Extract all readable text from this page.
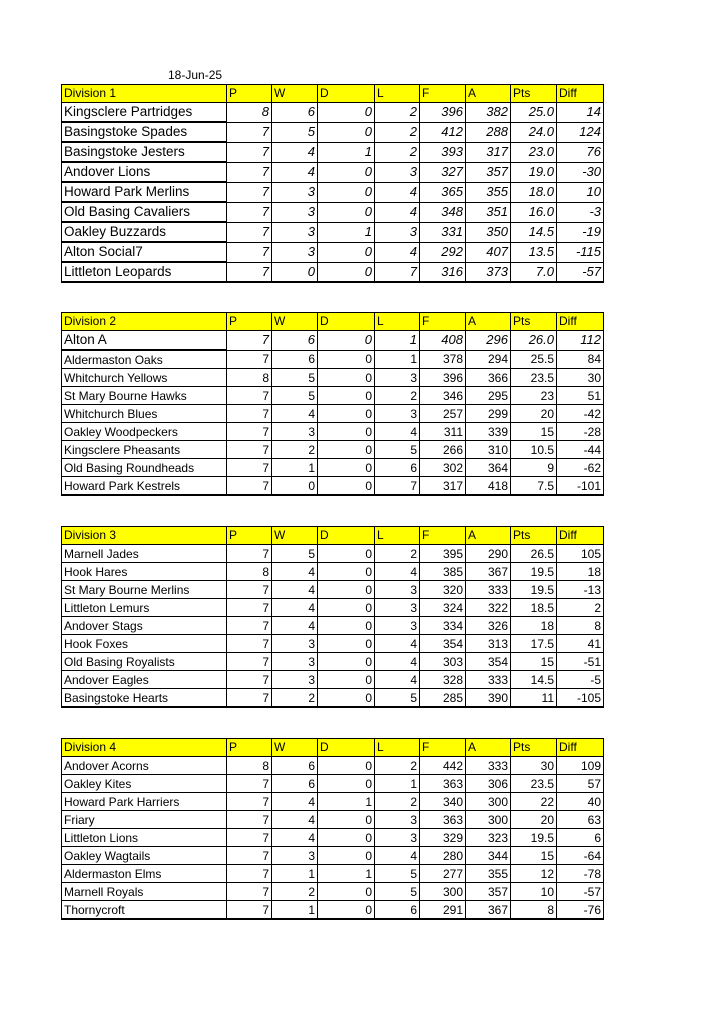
18-Jun-25
Division 1	P	W	D	L	F	A	Pts	Diff
Kingsclere Partridges	8	6	0	2	396	382	25.0	14
Basingstoke Spades	7	5	0	2	412	288	24.0	124
Basingstoke Jesters	7	4	1	2	393	317	23.0	76
Andover Lions	7	4	0	3	327	357	19.0	-30
Howard Park Merlins	7	3	0	4	365	355	18.0	10
Old Basing Cavaliers	7	3	0	4	348	351	16.0	-3
Oakley Buzzards	7	3	1	3	331	350	14.5	-19
Alton Social7	7	3	0	4	292	407	13.5	-115
Littleton Leopards	7	0	0	7	316	373	7.0	-57
Division 2	P	W	D	L	F	A	Pts	Diff
Alton A	7	6	0	1	408	296	26.0	112
Aldermaston Oaks	7	6	0	1	378	294	25.5	84
Whitchurch Yellows	8	5	0	3	396	366	23.5	30
St Mary Bourne Hawks	7	5	0	2	346	295	23	51
Whitchurch Blues	7	4	0	3	257	299	20	-42
Oakley Woodpeckers	7	3	0	4	311	339	15	-28
Kingsclere Pheasants	7	2	0	5	266	310	10.5	-44
Old Basing Roundheads	7	1	0	6	302	364	9	-62
Howard Park Kestrels	7	0	0	7	317	418	7.5	-101
Division 3	P	W	D	L	F	A	Pts	Diff
Marnell Jades	7	5	0	2	395	290	26.5	105
Hook Hares	8	4	0	4	385	367	19.5	18
St Mary Bourne Merlins	7	4	0	3	320	333	19.5	-13
Littleton Lemurs	7	4	0	3	324	322	18.5	2
Andover Stags	7	4	0	3	334	326	18	8
Hook Foxes	7	3	0	4	354	313	17.5	41
Old Basing Royalists	7	3	0	4	303	354	15	-51
Andover Eagles	7	3	0	4	328	333	14.5	-5
Basingstoke Hearts	7	2	0	5	285	390	11	-105
Division 4	P	W	D	L	F	A	Pts	Diff
Andover Acorns	8	6	0	2	442	333	30	109
Oakley Kites	7	6	0	1	363	306	23.5	57
Howard Park Harriers	7	4	1	2	340	300	22	40
Friary	7	4	0	3	363	300	20	63
Littleton Lions	7	4	0	3	329	323	19.5	6
Oakley Wagtails	7	3	0	4	280	344	15	-64
Aldermaston Elms	7	1	1	5	277	355	12	-78
Marnell Royals	7	2	0	5	300	357	10	-57
Thornycroft	7	1	0	6	291	367	8	-76
